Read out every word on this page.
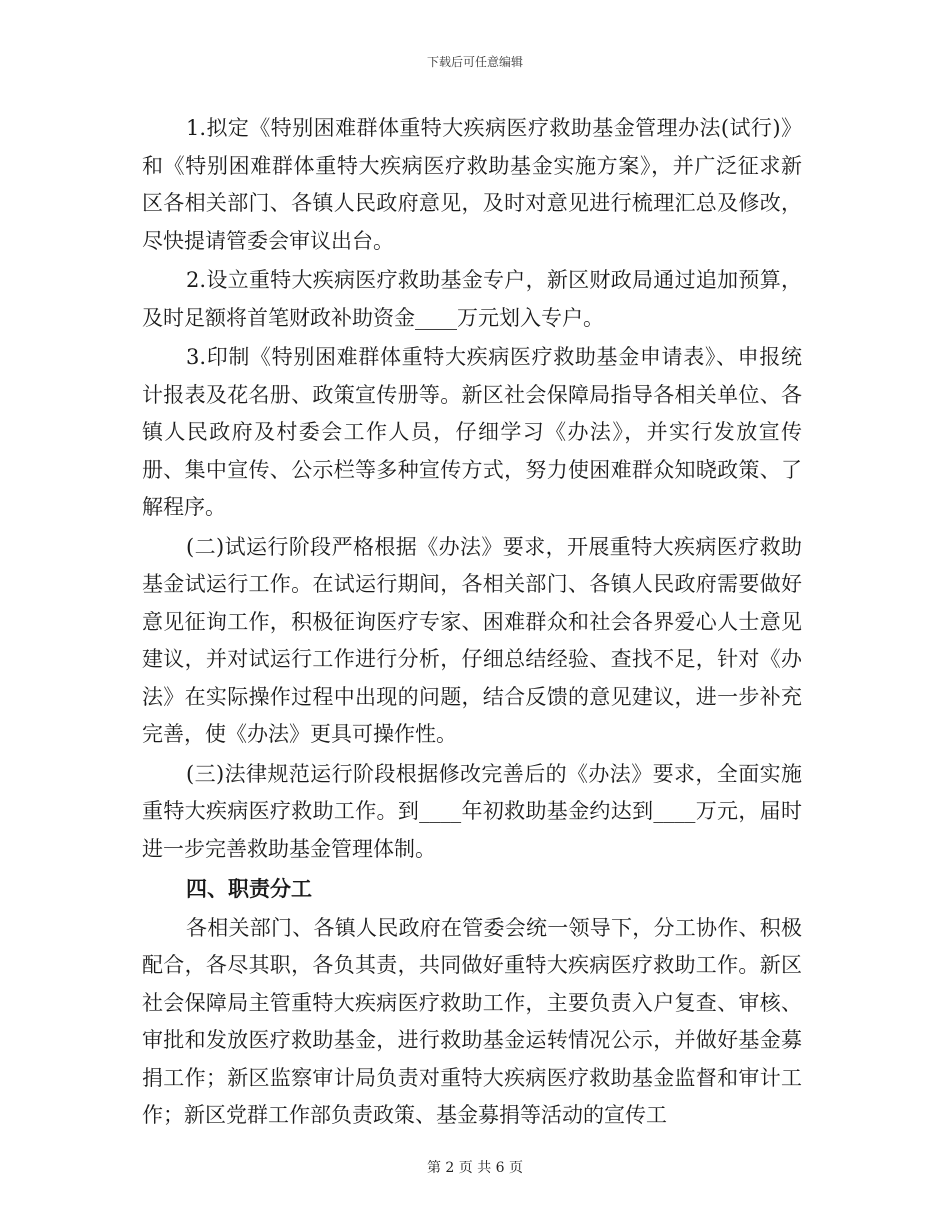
下载后可任意编辑

1.拟定《特别困难群体重特大疾病医疗救助基金管理办法(试行)》和《特别困难群体重特大疾病医疗救助基金实施方案》，并广泛征求新区各相关部门、各镇人民政府意见，及时对意见进行梳理汇总及修改，尽快提请管委会审议出台。

2.设立重特大疾病医疗救助基金专户，新区财政局通过追加预算，及时足额将首笔财政补助资金____万元划入专户。

3.印制《特别困难群体重特大疾病医疗救助基金申请表》、申报统计报表及花名册、政策宣传册等。新区社会保障局指导各相关单位、各镇人民政府及村委会工作人员，仔细学习《办法》，并实行发放宣传册、集中宣传、公示栏等多种宣传方式，努力使困难群众知晓政策、了解程序。

(二)试运行阶段严格根据《办法》要求，开展重特大疾病医疗救助基金试运行工作。在试运行期间，各相关部门、各镇人民政府需要做好意见征询工作，积极征询医疗专家、困难群众和社会各界爱心人士意见建议，并对试运行工作进行分析，仔细总结经验、查找不足，针对《办法》在实际操作过程中出现的问题，结合反馈的意见建议，进一步补充完善，使《办法》更具可操作性。

(三)法律规范运行阶段根据修改完善后的《办法》要求，全面实施重特大疾病医疗救助工作。到____年初救助基金约达到____万元，届时进一步完善救助基金管理体制。

四、职责分工

各相关部门、各镇人民政府在管委会统一领导下，分工协作、积极配合，各尽其职，各负其责，共同做好重特大疾病医疗救助工作。新区社会保障局主管重特大疾病医疗救助工作，主要负责入户复查、审核、审批和发放医疗救助基金，进行救助基金运转情况公示，并做好基金募捐工作；新区监察审计局负责对重特大疾病医疗救助基金监督和审计工作；新区党群工作部负责政策、基金募捐等活动的宣传工

第 2 页 共 6 页
